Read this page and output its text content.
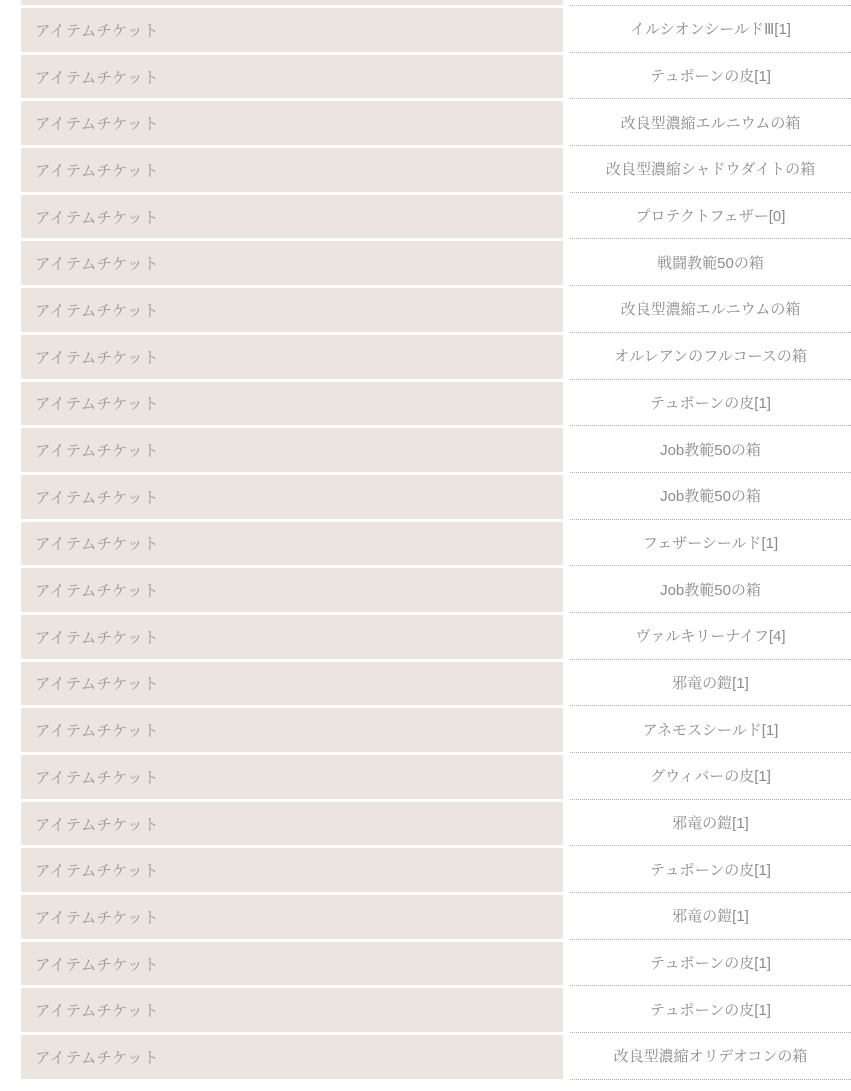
アイテムチケット	イルシオンシールドⅢ[1]
アイテムチケット	テュポーンの皮[1]
アイテムチケット	改良型濃縮エルニウムの箱
アイテムチケット	改良型濃縮シャドウダイトの箱
アイテムチケット	プロテクトフェザー[0]
アイテムチケット	戦闘教範50の箱
アイテムチケット	改良型濃縮エルニウムの箱
アイテムチケット	オルレアンのフルコースの箱
アイテムチケット	テュポーンの皮[1]
アイテムチケット	Job教範50の箱
アイテムチケット	Job教範50の箱
アイテムチケット	フェザーシールド[1]
アイテムチケット	Job教範50の箱
アイテムチケット	ヴァルキリーナイフ[4]
アイテムチケット	邪竜の鎧[1]
アイテムチケット	アネモスシールド[1]
アイテムチケット	グウィバーの皮[1]
アイテムチケット	邪竜の鎧[1]
アイテムチケット	テュポーンの皮[1]
アイテムチケット	邪竜の鎧[1]
アイテムチケット	テュポーンの皮[1]
アイテムチケット	テュポーンの皮[1]
アイテムチケット	改良型濃縮オリデオコンの箱
